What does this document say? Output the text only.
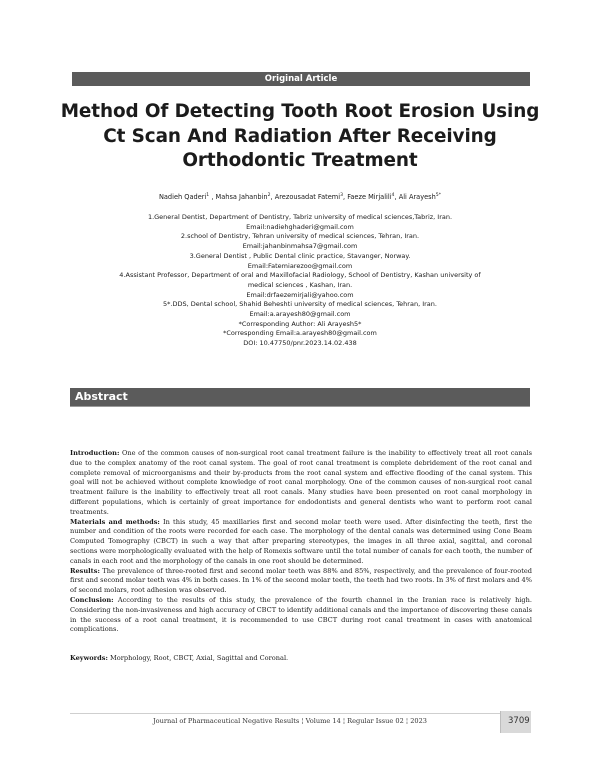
Original Article
Method Of Detecting Tooth Root Erosion Using Ct Scan And Radiation After Receiving Orthodontic Treatment
Nadieh Qaderi$^1$ , Mahsa Jahanbin$^2$, Arezousadat Fatemi$^3$, Faeze Mirjalili$^4$, Ali Arayesh$^{5*}$
1.General Dentist, Department of Dentistry, Tabriz university of medical sciences,Tabriz, Iran.
Email:nadiehghaderi@gmail.com
2.school of Dentistry, Tehran university of medical sciences, Tehran, Iran.
Email:jahanbinmahsa7@gmail.com
3.General Dentist , Public Dental clinic practice, Stavanger, Norway.
Email:Fatemiarezoo@gmail.com
4.Assistant Professor, Department of oral and Maxillofacial Radiology, School of Dentistry, Kashan university of medical sciences , Kashan, Iran.
Email:drfaezemirjali@yahoo.com
5*.DDS, Dental school, Shahid Beheshti university of medical sciences, Tehran, Iran.
Email:a.arayesh80@gmail.com
*Corresponding Author: Ali Arayesh5*
*Corresponding Email:a.arayesh80@gmail.com
DOI: 10.47750/pnr.2023.14.02.438
Abstract

Introduction: One of the common causes of non-surgical root canal treatment failure is the inability to effectively treat all root canals due to the complex anatomy of the root canal system. The goal of root canal treatment is complete debridement of the root canal and complete removal of microorganisms and their by-products from the root canal system and effective flooding of the canal system. This goal will not be achieved without complete knowledge of root canal morphology. One of the common causes of non-surgical root canal treatment failure is the inability to effectively treat all root canals. Many studies have been presented on root canal morphology in different populations, which is certainly of great importance for endodontists and general dentists who want to perform root canal treatments.

Materials and methods: In this study, 45 maxillaries first and second molar teeth were used. After disinfecting the teeth, first the number and condition of the roots were recorded for each case. The morphology of the dental canals was determined using Cone Beam Computed Tomography (CBCT) in such a way that after preparing stereotypes, the images in all three axial, sagittal, and coronal sections were morphologically evaluated with the help of Romexis software until the total number of canals for each tooth, the number of canals in each root and the morphology of the canals in one root should be determined.

Results: The prevalence of three-rooted first and second molar teeth was 88% and 85%, respectively, and the prevalence of four-rooted first and second molar teeth was 4% in both cases. In 1% of the second molar teeth, the teeth had two roots. In 3% of first molars and 4% of second molars, root adhesion was observed.

Conclusion: According to the results of this study, the prevalence of the fourth channel in the Iranian race is relatively high. Considering the non-invasiveness and high accuracy of CBCT to identify additional canals and the importance of discovering these canals in the success of a root canal treatment, it is recommended to use CBCT during root canal treatment in cases with anatomical complications.

Keywords: Morphology, Root, CBCT, Axial, Sagittal and Coronal.
Journal of Pharmaceutical Negative Results ¦ Volume 14 ¦ Regular Issue 02 ¦ 2023	3709
